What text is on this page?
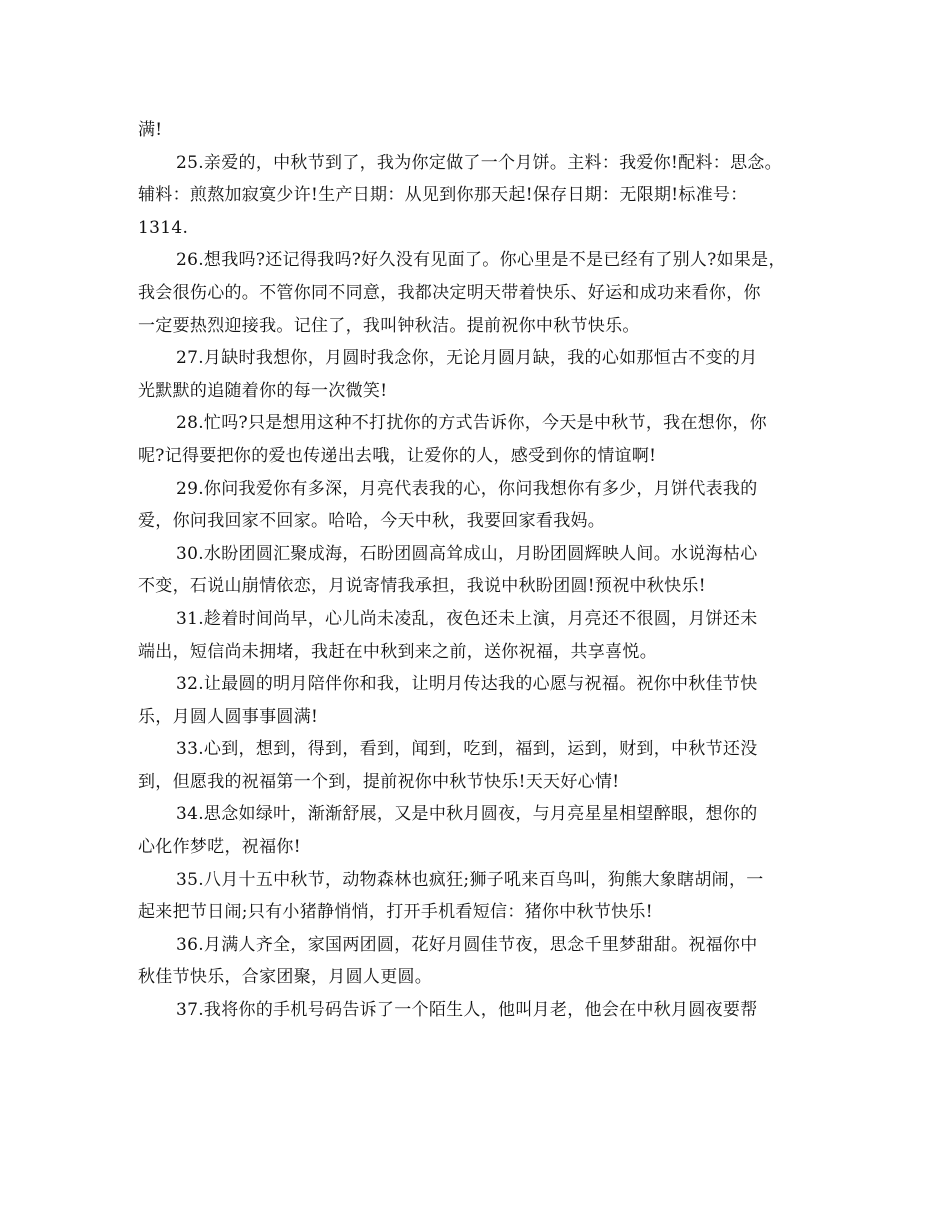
满!
25.亲爱的，中秋节到了，我为你定做了一个月饼。主料：我爱你!配料：思念。
辅料：煎熬加寂寞少许!生产日期：从见到你那天起!保存日期：无限期!标准号：
1314.
26.想我吗?还记得我吗?好久没有见面了。你心里是不是已经有了别人?如果是，
我会很伤心的。不管你同不同意，我都决定明天带着快乐、好运和成功来看你，你
一定要热烈迎接我。记住了，我叫钟秋洁。提前祝你中秋节快乐。
27.月缺时我想你，月圆时我念你，无论月圆月缺，我的心如那恒古不变的月
光默默的追随着你的每一次微笑!
28.忙吗?只是想用这种不打扰你的方式告诉你，今天是中秋节，我在想你，你
呢?记得要把你的爱也传递出去哦，让爱你的人，感受到你的情谊啊!
29.你问我爱你有多深，月亮代表我的心，你问我想你有多少，月饼代表我的
爱，你问我回家不回家。哈哈，今天中秋，我要回家看我妈。
30.水盼团圆汇聚成海，石盼团圆高耸成山，月盼团圆辉映人间。水说海枯心
不变，石说山崩情依恋，月说寄情我承担，我说中秋盼团圆!预祝中秋快乐!
31.趁着时间尚早，心儿尚未凌乱，夜色还未上演，月亮还不很圆，月饼还未
端出，短信尚未拥堵，我赶在中秋到来之前，送你祝福，共享喜悦。
32.让最圆的明月陪伴你和我，让明月传达我的心愿与祝福。祝你中秋佳节快
乐，月圆人圆事事圆满!
33.心到，想到，得到，看到，闻到，吃到，福到，运到，财到，中秋节还没
到，但愿我的祝福第一个到，提前祝你中秋节快乐!天天好心情!
34.思念如绿叶，渐渐舒展，又是中秋月圆夜，与月亮星星相望醉眼，想你的
心化作梦呓，祝福你!
35.八月十五中秋节，动物森林也疯狂;狮子吼来百鸟叫，狗熊大象瞎胡闹，一
起来把节日闹;只有小猪静悄悄，打开手机看短信：猪你中秋节快乐!
36.月满人齐全，家国两团圆，花好月圆佳节夜，思念千里梦甜甜。祝福你中
秋佳节快乐，合家团聚，月圆人更圆。
37.我将你的手机号码告诉了一个陌生人，他叫月老，他会在中秋月圆夜要帮
